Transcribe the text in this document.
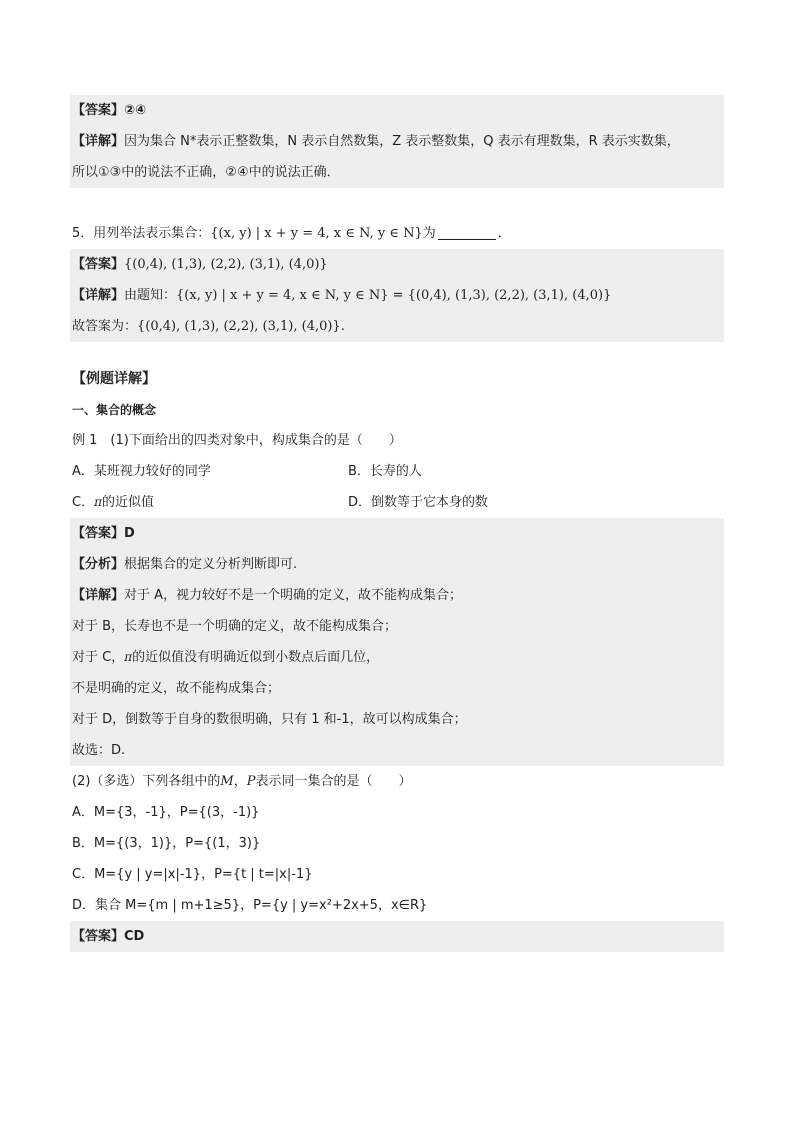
【答案】②④
【详解】因为集合 N*表示正整数集，N 表示自然数集，Z 表示整数集，Q 表示有理数集，R 表示实数集，
所以①③中的说法不正确，②④中的说法正确．
5．用列举法表示集合：{(x, y) | x + y = 4, x ∈ N, y ∈ N}为	．
【答案】{(0,4), (1,3), (2,2), (3,1), (4,0)}
【详解】由题知：{(x, y) | x + y = 4, x ∈ N, y ∈ N} = {(0,4), (1,3), (2,2), (3,1), (4,0)}
故答案为：{(0,4), (1,3), (2,2), (3,1), (4,0)}.
【例题详解】
一、集合的概念
例 1　(1)下面给出的四类对象中，构成集合的是（　　）
A．某班视力较好的同学	B．长寿的人
C．π的近似值	D．倒数等于它本身的数
【答案】D
【分析】根据集合的定义分析判断即可.
【详解】对于 A，视力较好不是一个明确的定义，故不能构成集合；
对于 B，长寿也不是一个明确的定义，故不能构成集合；
对于 C，π的近似值没有明确近似到小数点后面几位，
不是明确的定义，故不能构成集合；
对于 D，倒数等于自身的数很明确，只有 1 和-1，故可以构成集合；
故选：D.
(2)（多选）下列各组中的M，P表示同一集合的是（　　）
A．M={3，-1}，P={(3，-1)}
B．M={(3，1)}，P={(1，3)}
C．M={y | y=|x|-1}，P={t | t=|x|-1}
D．集合 M={m | m+1≥5}，P={y | y=x²+2x+5，x∈R}
【答案】CD
